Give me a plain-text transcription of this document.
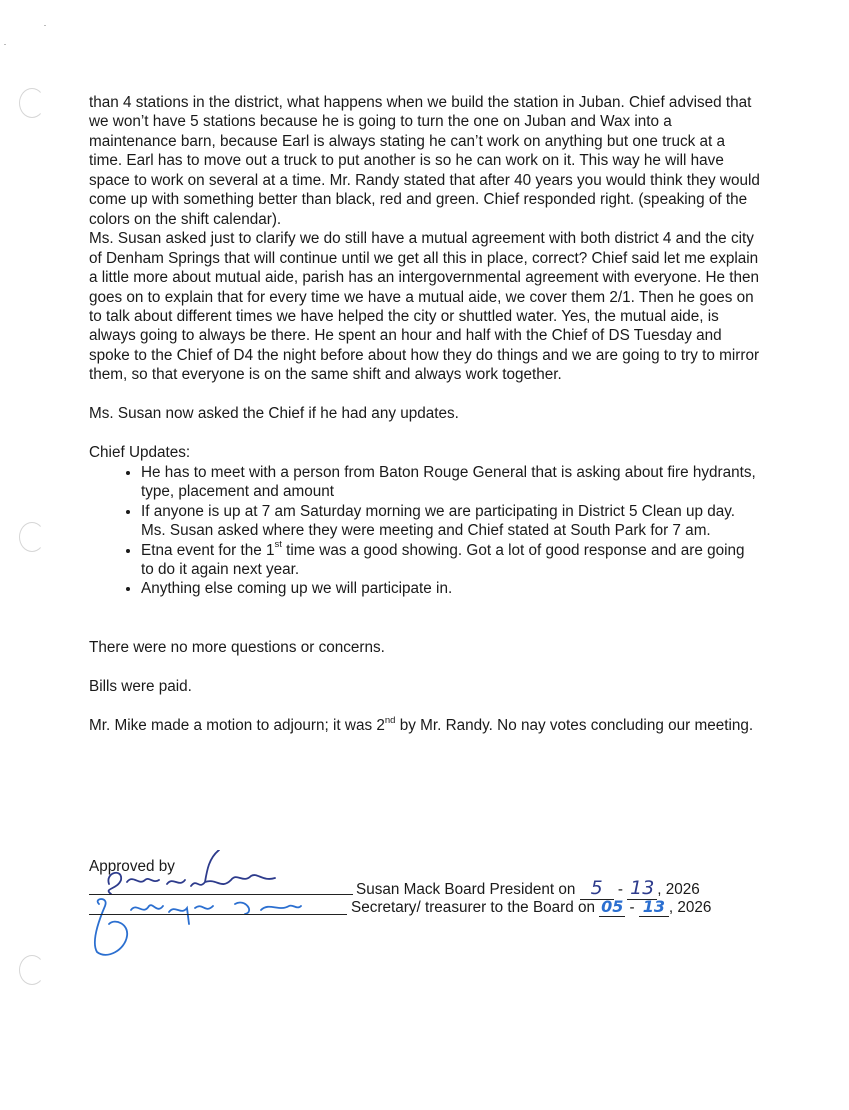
than 4 stations in the district, what happens when we build the station in Juban. Chief advised that we won’t have 5 stations because he is going to turn the one on Juban and Wax into a maintenance barn, because Earl is always stating he can’t work on anything but one truck at a time. Earl has to move out a truck to put another is so he can work on it. This way he will have space to work on several at a time. Mr. Randy stated that after 40 years you would think they would come up with something better than black, red and green. Chief responded right. (speaking of the colors on the shift calendar).

Ms. Susan asked just to clarify we do still have a mutual agreement with both district 4 and the city of Denham Springs that will continue until we get all this in place, correct? Chief said let me explain a little more about mutual aide, parish has an intergovernmental agreement with everyone. He then goes on to explain that for every time we have a mutual aide, we cover them 2/1. Then he goes on to talk about different times we have helped the city or shuttled water. Yes, the mutual aide, is always going to always be there. He spent an hour and half with the Chief of DS Tuesday and spoke to the Chief of D4 the night before about how they do things and we are going to try to mirror them, so that everyone is on the same shift and always work together.

Ms. Susan now asked the Chief if he had any updates.

Chief Updates:

• He has to meet with a person from Baton Rouge General that is asking about fire hydrants, type, placement and amount
• If anyone is up at 7 am Saturday morning we are participating in District 5 Clean up day. Ms. Susan asked where they were meeting and Chief stated at South Park for 7 am.
• Etna event for the 1st time was a good showing. Got a lot of good response and are going to do it again next year.
• Anything else coming up we will participate in.

There were no more questions or concerns.

Bills were paid.

Mr. Mike made a motion to adjourn; it was 2nd by Mr. Randy. No nay votes concluding our meeting.

Approved by
Susan Mack Board President on 5 - 13 , 2026
Secretary/ treasurer to the Board on 05 - 13 , 2026
